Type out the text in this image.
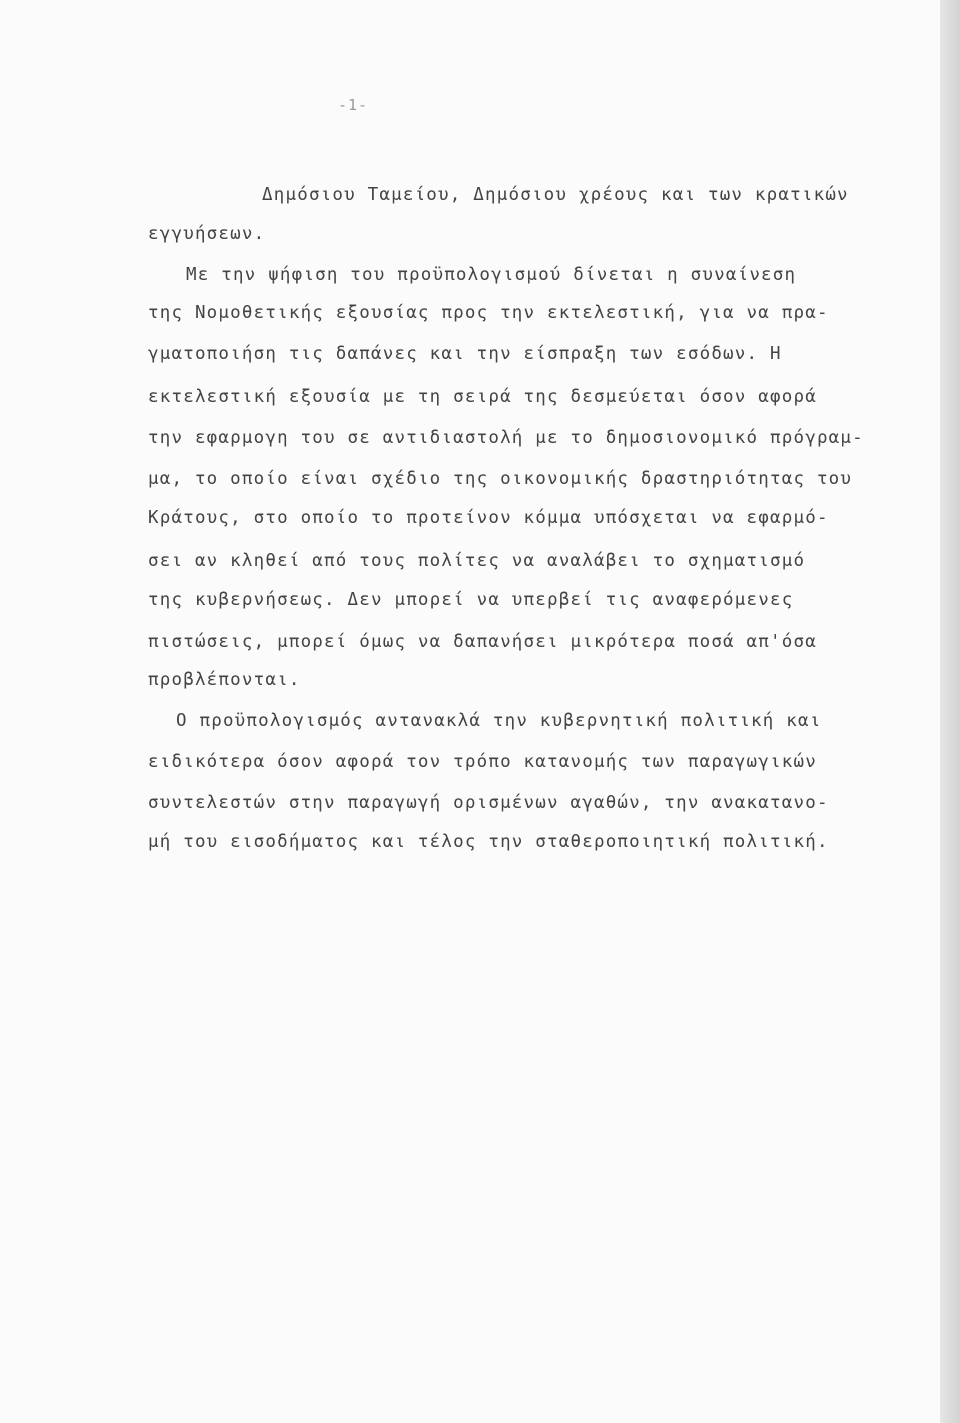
-1-
Δημόσιου Ταμείου, Δημόσιου χρέους και των κρατικών
εγγυήσεων.
Με την ψήφιση του προϋπολογισμού δίνεται η συναίνεση
της Νομοθετικής εξουσίας προς την εκτελεστική, για να πρα-
γματοποιήση τις δαπάνες και την είσπραξη των εσόδων. Η
εκτελεστική εξουσία με τη σειρά της δεσμεύεται όσον αφορά
την εφαρμογη του σε αντιδιαστολή με το δημοσιονομικό πρόγραμ-
μα, το οποίο είναι σχέδιο της οικονομικής δραστηριότητας του
Κράτους, στο οποίο το προτείνον κόμμα υπόσχεται να εφαρμό-
σει αν κληθεί από τους πολίτες να αναλάβει το σχηματισμό
της κυβερνήσεως. Δεν μπορεί να υπερβεί τις αναφερόμενες
πιστώσεις, μπορεί όμως να δαπανήσει μικρότερα ποσά απ'όσα
προβλέπονται.
Ο προϋπολογισμός αντανακλά την κυβερνητική πολιτική και
ειδικότερα όσον αφορά τον τρόπο κατανομής των παραγωγικών
συντελεστών στην παραγωγή ορισμένων αγαθών, την ανακατανο-
μή του εισοδήματος και τέλος την σταθεροποιητική πολιτική.
